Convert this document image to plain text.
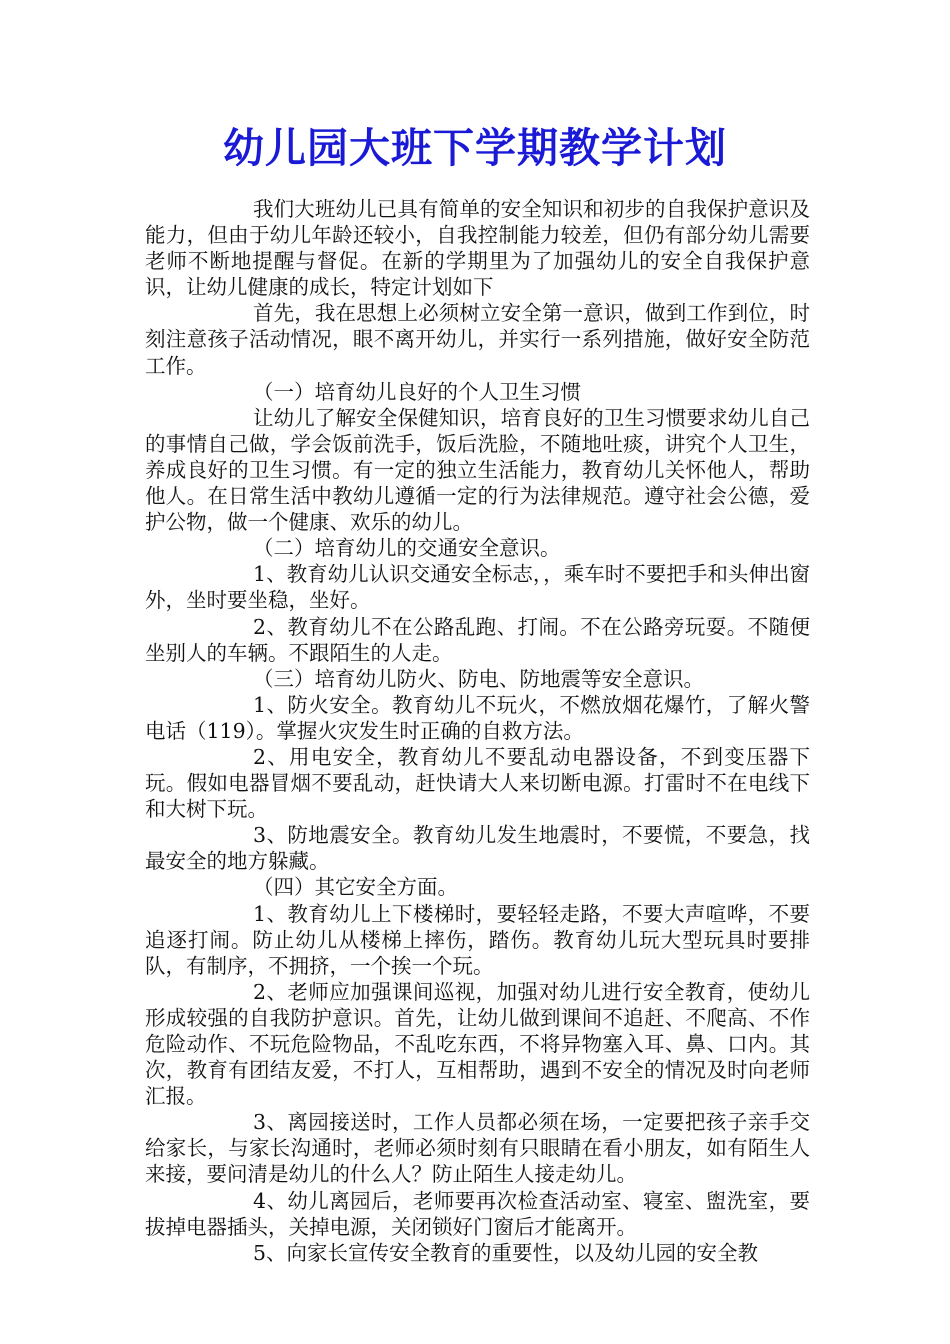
幼儿园大班下学期教学计划

我们大班幼儿已具有简单的安全知识和初步的自我保护意识及能力，但由于幼儿年龄还较小，自我控制能力较差，但仍有部分幼儿需要老师不断地提醒与督促。在新的学期里为了加强幼儿的安全自我保护意识，让幼儿健康的成长，特定计划如下

首先，我在思想上必须树立安全第一意识，做到工作到位，时刻注意孩子活动情况，眼不离开幼儿，并实行一系列措施，做好安全防范工作。

（一）培育幼儿良好的个人卫生习惯

让幼儿了解安全保健知识，培育良好的卫生习惯要求幼儿自己的事情自己做，学会饭前洗手，饭后洗脸，不随地吐痰，讲究个人卫生，养成良好的卫生习惯。有一定的独立生活能力，教育幼儿关怀他人，帮助他人。在日常生活中教幼儿遵循一定的行为法律规范。遵守社会公德，爱护公物，做一个健康、欢乐的幼儿。

（二）培育幼儿的交通安全意识。

1、教育幼儿认识交通安全标志，，乘车时不要把手和头伸出窗外，坐时要坐稳，坐好。

2、教育幼儿不在公路乱跑、打闹。不在公路旁玩耍。不随便坐别人的车辆。不跟陌生的人走。

（三）培育幼儿防火、防电、防地震等安全意识。

1、防火安全。教育幼儿不玩火，不燃放烟花爆竹，了解火警电话（119）。掌握火灾发生时正确的自救方法。

2、用电安全，教育幼儿不要乱动电器设备，不到变压器下玩。假如电器冒烟不要乱动，赶快请大人来切断电源。打雷时不在电线下和大树下玩。

3、防地震安全。教育幼儿发生地震时，不要慌，不要急，找最安全的地方躲藏。

（四）其它安全方面。

1、教育幼儿上下楼梯时，要轻轻走路，不要大声喧哗，不要追逐打闹。防止幼儿从楼梯上摔伤，踏伤。教育幼儿玩大型玩具时要排队，有制序，不拥挤，一个挨一个玩。

2、老师应加强课间巡视，加强对幼儿进行安全教育，使幼儿形成较强的自我防护意识。首先，让幼儿做到课间不追赶、不爬高、不作危险动作、不玩危险物品，不乱吃东西，不将异物塞入耳、鼻、口内。其次，教育有团结友爱，不打人，互相帮助，遇到不安全的情况及时向老师汇报。

3、离园接送时，工作人员都必须在场，一定要把孩子亲手交给家长，与家长沟通时，老师必须时刻有只眼睛在看小朋友，如有陌生人来接，要问清是幼儿的什么人？防止陌生人接走幼儿。

4、幼儿离园后，老师要再次检查活动室、寝室、盥洗室，要拔掉电器插头，关掉电源，关闭锁好门窗后才能离开。

5、向家长宣传安全教育的重要性，以及幼儿园的安全教
